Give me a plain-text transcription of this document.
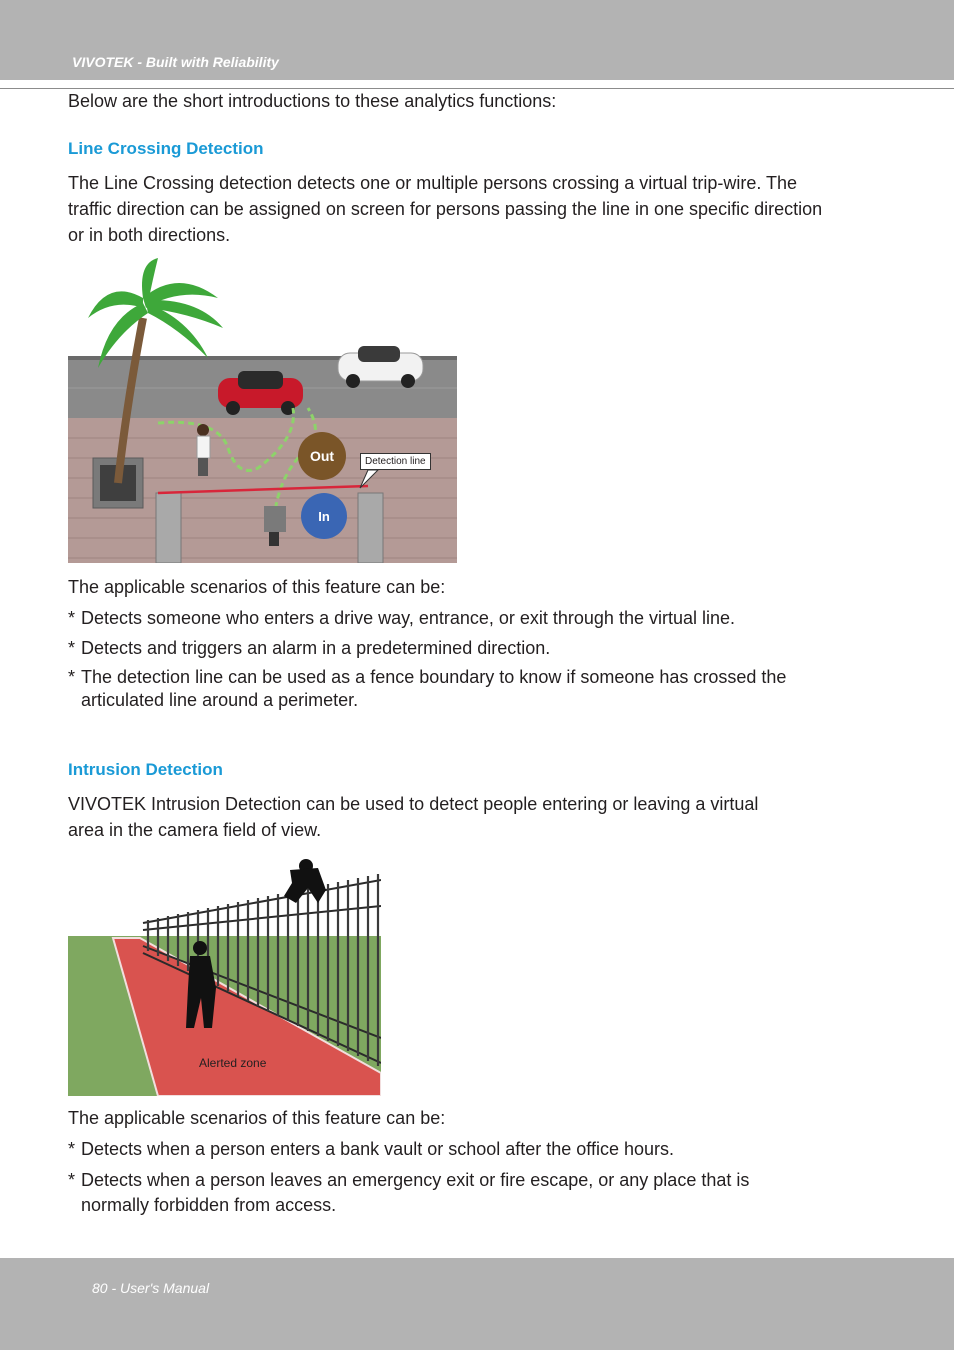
VIVOTEK - Built with Reliability
Below are the short introductions to these analytics functions:
Line Crossing Detection
The Line Crossing detection detects one or multiple persons crossing a virtual trip-wire. The
traffic direction can be assigned on screen for persons passing the line in one specific direction
or in both directions.
Out
In
Detection line
The applicable scenarios of this feature can be:
* Detects someone who enters a drive way, entrance, or exit through the virtual line.
* Detects and triggers an alarm in a predetermined direction.
* The detection line can be used as a fence boundary to know if someone has crossed the articulated line around a perimeter.
Intrusion Detection
VIVOTEK Intrusion Detection can be used to detect people entering or leaving a virtual
area in the camera field of view.
Alerted zone
The applicable scenarios of this feature can be:
* Detects when a person enters a bank vault or school after the office hours.
* Detects when a person leaves an emergency exit or fire escape, or any place that is normally forbidden from access.
80 - User's Manual
